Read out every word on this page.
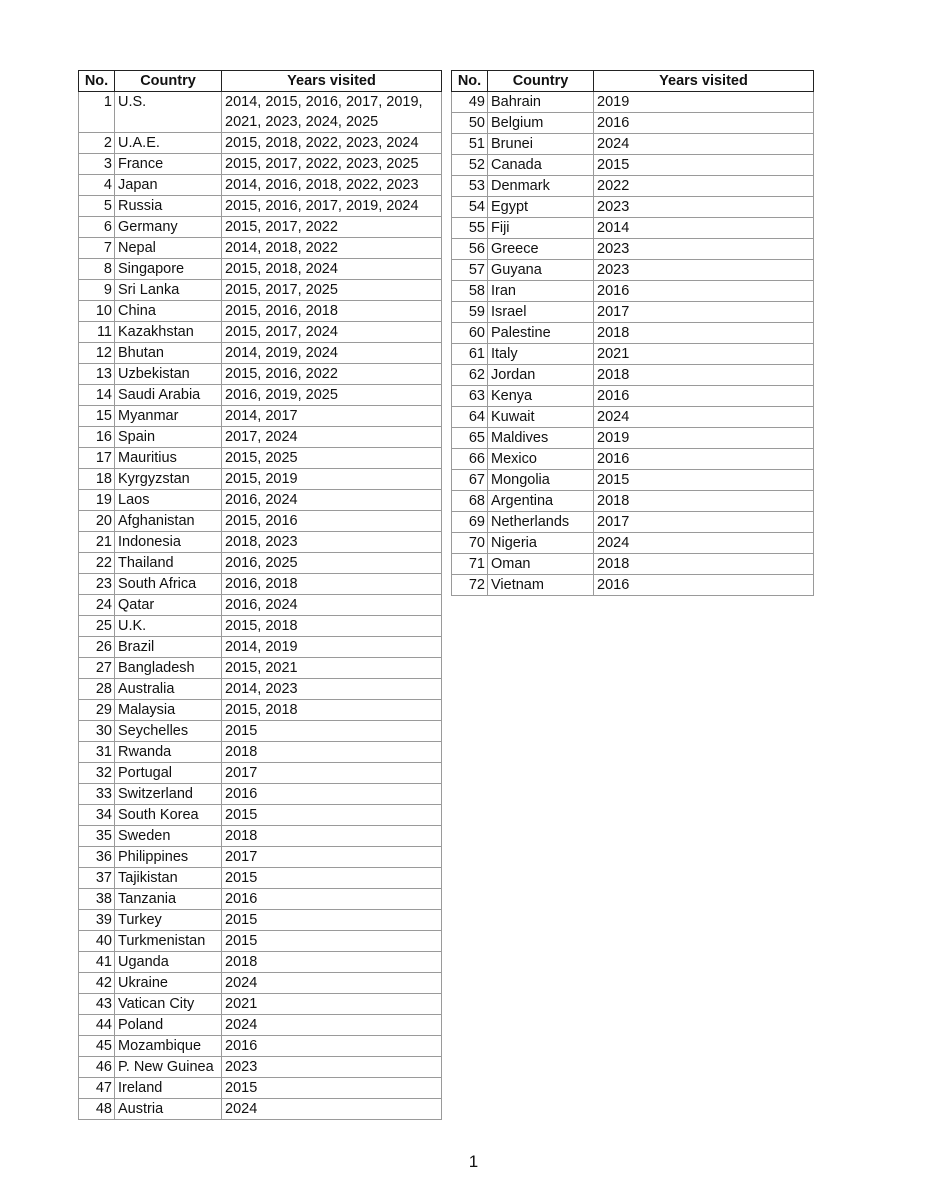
No.	Country	Years visited
1	U.S.	2014, 2015, 2016, 2017, 2019, 2021, 2023, 2024, 2025
2	U.A.E.	2015, 2018, 2022, 2023, 2024
3	France	2015, 2017, 2022, 2023, 2025
4	Japan	2014, 2016, 2018, 2022, 2023
5	Russia	2015, 2016, 2017, 2019, 2024
6	Germany	2015, 2017, 2022
7	Nepal	2014, 2018, 2022
8	Singapore	2015, 2018, 2024
9	Sri Lanka	2015, 2017, 2025
10	China	2015, 2016, 2018
11	Kazakhstan	2015, 2017, 2024
12	Bhutan	2014, 2019, 2024
13	Uzbekistan	2015, 2016, 2022
14	Saudi Arabia	2016, 2019, 2025
15	Myanmar	2014, 2017
16	Spain	2017, 2024
17	Mauritius	2015, 2025
18	Kyrgyzstan	2015, 2019
19	Laos	2016, 2024
20	Afghanistan	2015, 2016
21	Indonesia	2018, 2023
22	Thailand	2016, 2025
23	South Africa	2016, 2018
24	Qatar	2016, 2024
25	U.K.	2015, 2018
26	Brazil	2014, 2019
27	Bangladesh	2015, 2021
28	Australia	2014, 2023
29	Malaysia	2015, 2018
30	Seychelles	2015
31	Rwanda	2018
32	Portugal	2017
33	Switzerland	2016
34	South Korea	2015
35	Sweden	2018
36	Philippines	2017
37	Tajikistan	2015
38	Tanzania	2016
39	Turkey	2015
40	Turkmenistan	2015
41	Uganda	2018
42	Ukraine	2024
43	Vatican City	2021
44	Poland	2024
45	Mozambique	2016
46	P. New Guinea	2023
47	Ireland	2015
48	Austria	2024
No.	Country	Years visited
49	Bahrain	2019
50	Belgium	2016
51	Brunei	2024
52	Canada	2015
53	Denmark	2022
54	Egypt	2023
55	Fiji	2014
56	Greece	2023
57	Guyana	2023
58	Iran	2016
59	Israel	2017
60	Palestine	2018
61	Italy	2021
62	Jordan	2018
63	Kenya	2016
64	Kuwait	2024
65	Maldives	2019
66	Mexico	2016
67	Mongolia	2015
68	Argentina	2018
69	Netherlands	2017
70	Nigeria	2024
71	Oman	2018
72	Vietnam	2016
1
